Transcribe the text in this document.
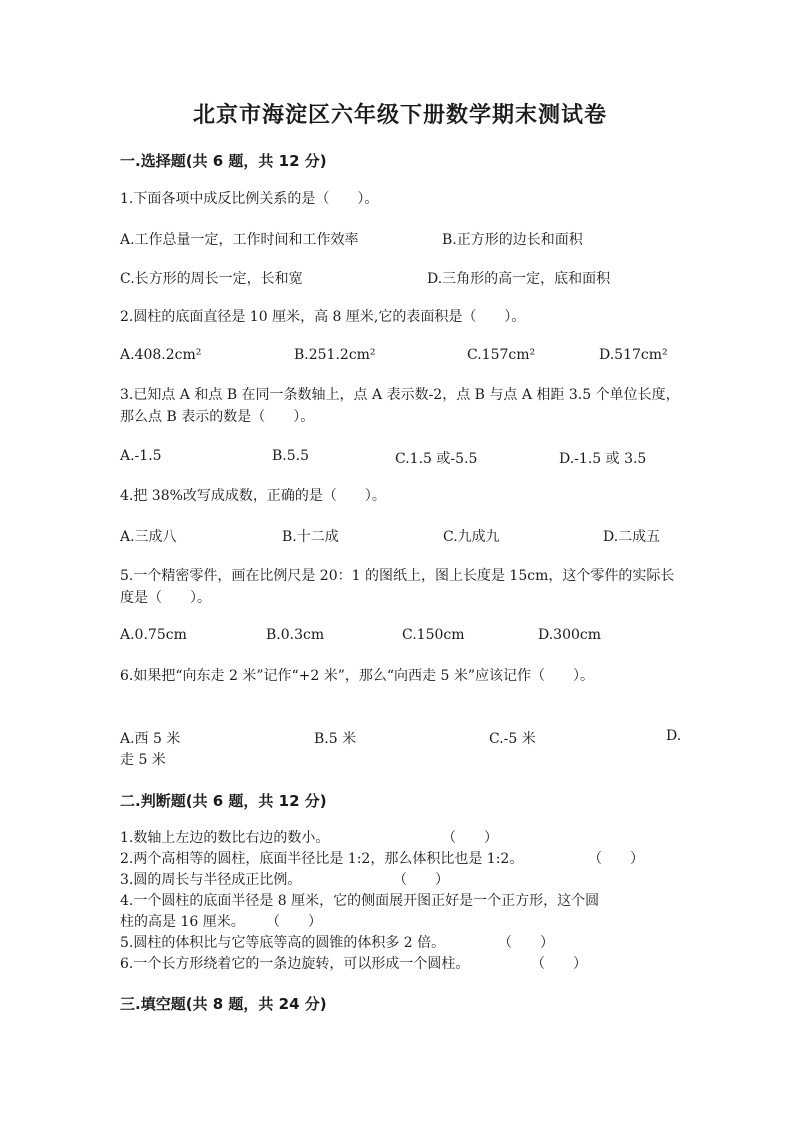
北京市海淀区六年级下册数学期末测试卷
一.选择题(共 6 题，共 12 分)
1.下面各项中成反比例关系的是（　　）。
A.工作总量一定，工作时间和工作效率	B.正方形的边长和面积
C.长方形的周长一定，长和宽	D.三角形的高一定，底和面积
2.圆柱的底面直径是 10 厘米，高 8 厘米,它的表面积是（　　）。
A.408.2cm²	B.251.2cm²	C.157cm²	D.517cm²
3.已知点 A 和点 B 在同一条数轴上，点 A 表示数-2，点 B 与点 A 相距 3.5 个单位长度，那么点 B 表示的数是（　　）。
A.-1.5	B.5.5	C.1.5 或-5.5	D.-1.5 或 3.5
4.把 38%改写成成数，正确的是（　　）。
A.三成八	B.十二成	C.九成九	D.二成五
5.一个精密零件，画在比例尺是 20：1 的图纸上，图上长度是 15cm，这个零件的实际长度是（　　）。
A.0.75cm	B.0.3cm	C.150cm	D.300cm
6.如果把“向东走 2 米”记作“+2 米”，那么“向西走 5 米”应该记作（　　）。
A.西 5 米	B.5 米	C.-5 米	D.
走 5 米
二.判断题(共 6 题，共 12 分)
1.数轴上左边的数比右边的数小。	（　　）
2.两个高相等的圆柱，底面半径比是 1:2，那么体积比也是 1:2。	（　　）
3.圆的周长与半径成正比例。	（　　）
4.一个圆柱的底面半径是 8 厘米，它的侧面展开图正好是一个正方形，这个圆
柱的高是 16 厘米。 （　　）
5.圆柱的体积比与它等底等高的圆锥的体积多 2 倍。	（　　）
6.一个长方形绕着它的一条边旋转，可以形成一个圆柱。	（　　）
三.填空题(共 8 题，共 24 分)
